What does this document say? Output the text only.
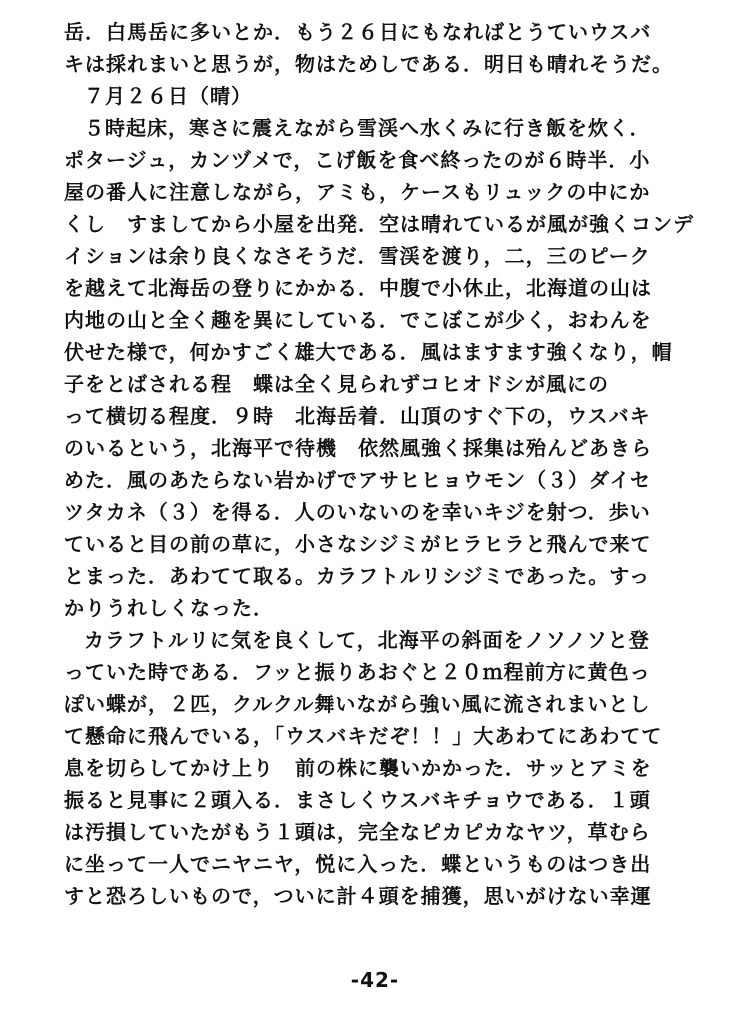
岳．白馬岳に多いとか．もう２６日にもなればとうていウスバ
キは採れまいと思うが，物はためしである．明日も晴れそうだ。
７月２６日（晴）
５時起床，寒さに震えながら雪渓へ水くみに行き飯を炊く．
ポタージュ，カンヅメで，こげ飯を食べ終ったのが６時半．小
屋の番人に注意しながら，アミも，ケースもリュックの中にか
くし　すましてから小屋を出発．空は晴れているが風が強くコンデ
イションは余り良くなさそうだ．雪渓を渡り，二，三のピーク
を越えて北海岳の登りにかかる．中腹で小休止，北海道の山は
内地の山と全く趣を異にしている．でこぼこが少く，おわんを
伏せた様で，何かすごく雄大である．風はますます強くなり，帽
子をとばされる程　蝶は全く見られずコヒオドシが風にの
って横切る程度．９時　北海岳着．山頂のすぐ下の，ウスバキ
のいるという，北海平で待機　依然風強く採集は殆んどあきら
めた．風のあたらない岩かげでアサヒヒョウモン（３）ダイセ
ツタカネ（３）を得る．人のいないのを幸いキジを射つ．歩い
ていると目の前の草に，小さなシジミがヒラヒラと飛んで来て
とまった．あわてて取る。カラフトルリシジミであった。すっ
かりうれしくなった．
カラフトルリに気を良くして，北海平の斜面をノソノソと登
っていた時である．フッと振りあおぐと２０ｍ程前方に黄色っ
ぽい蝶が，２匹，クルクル舞いながら強い風に流されまいとし
て懸命に飛んでいる，「ウスバキだぞ！！」大あわてにあわてて
息を切らしてかけ上り　前の株に襲いかかった．サッとアミを
振ると見事に２頭入る．まさしくウスバキチョウである．１頭
は汚損していたがもう１頭は，完全なピカピカなヤツ，草むら
に坐って一人でニヤニヤ，悦に入った．蝶というものはつき出
すと恐ろしいもので，ついに計４頭を捕獲，思いがけない幸運
-42-
